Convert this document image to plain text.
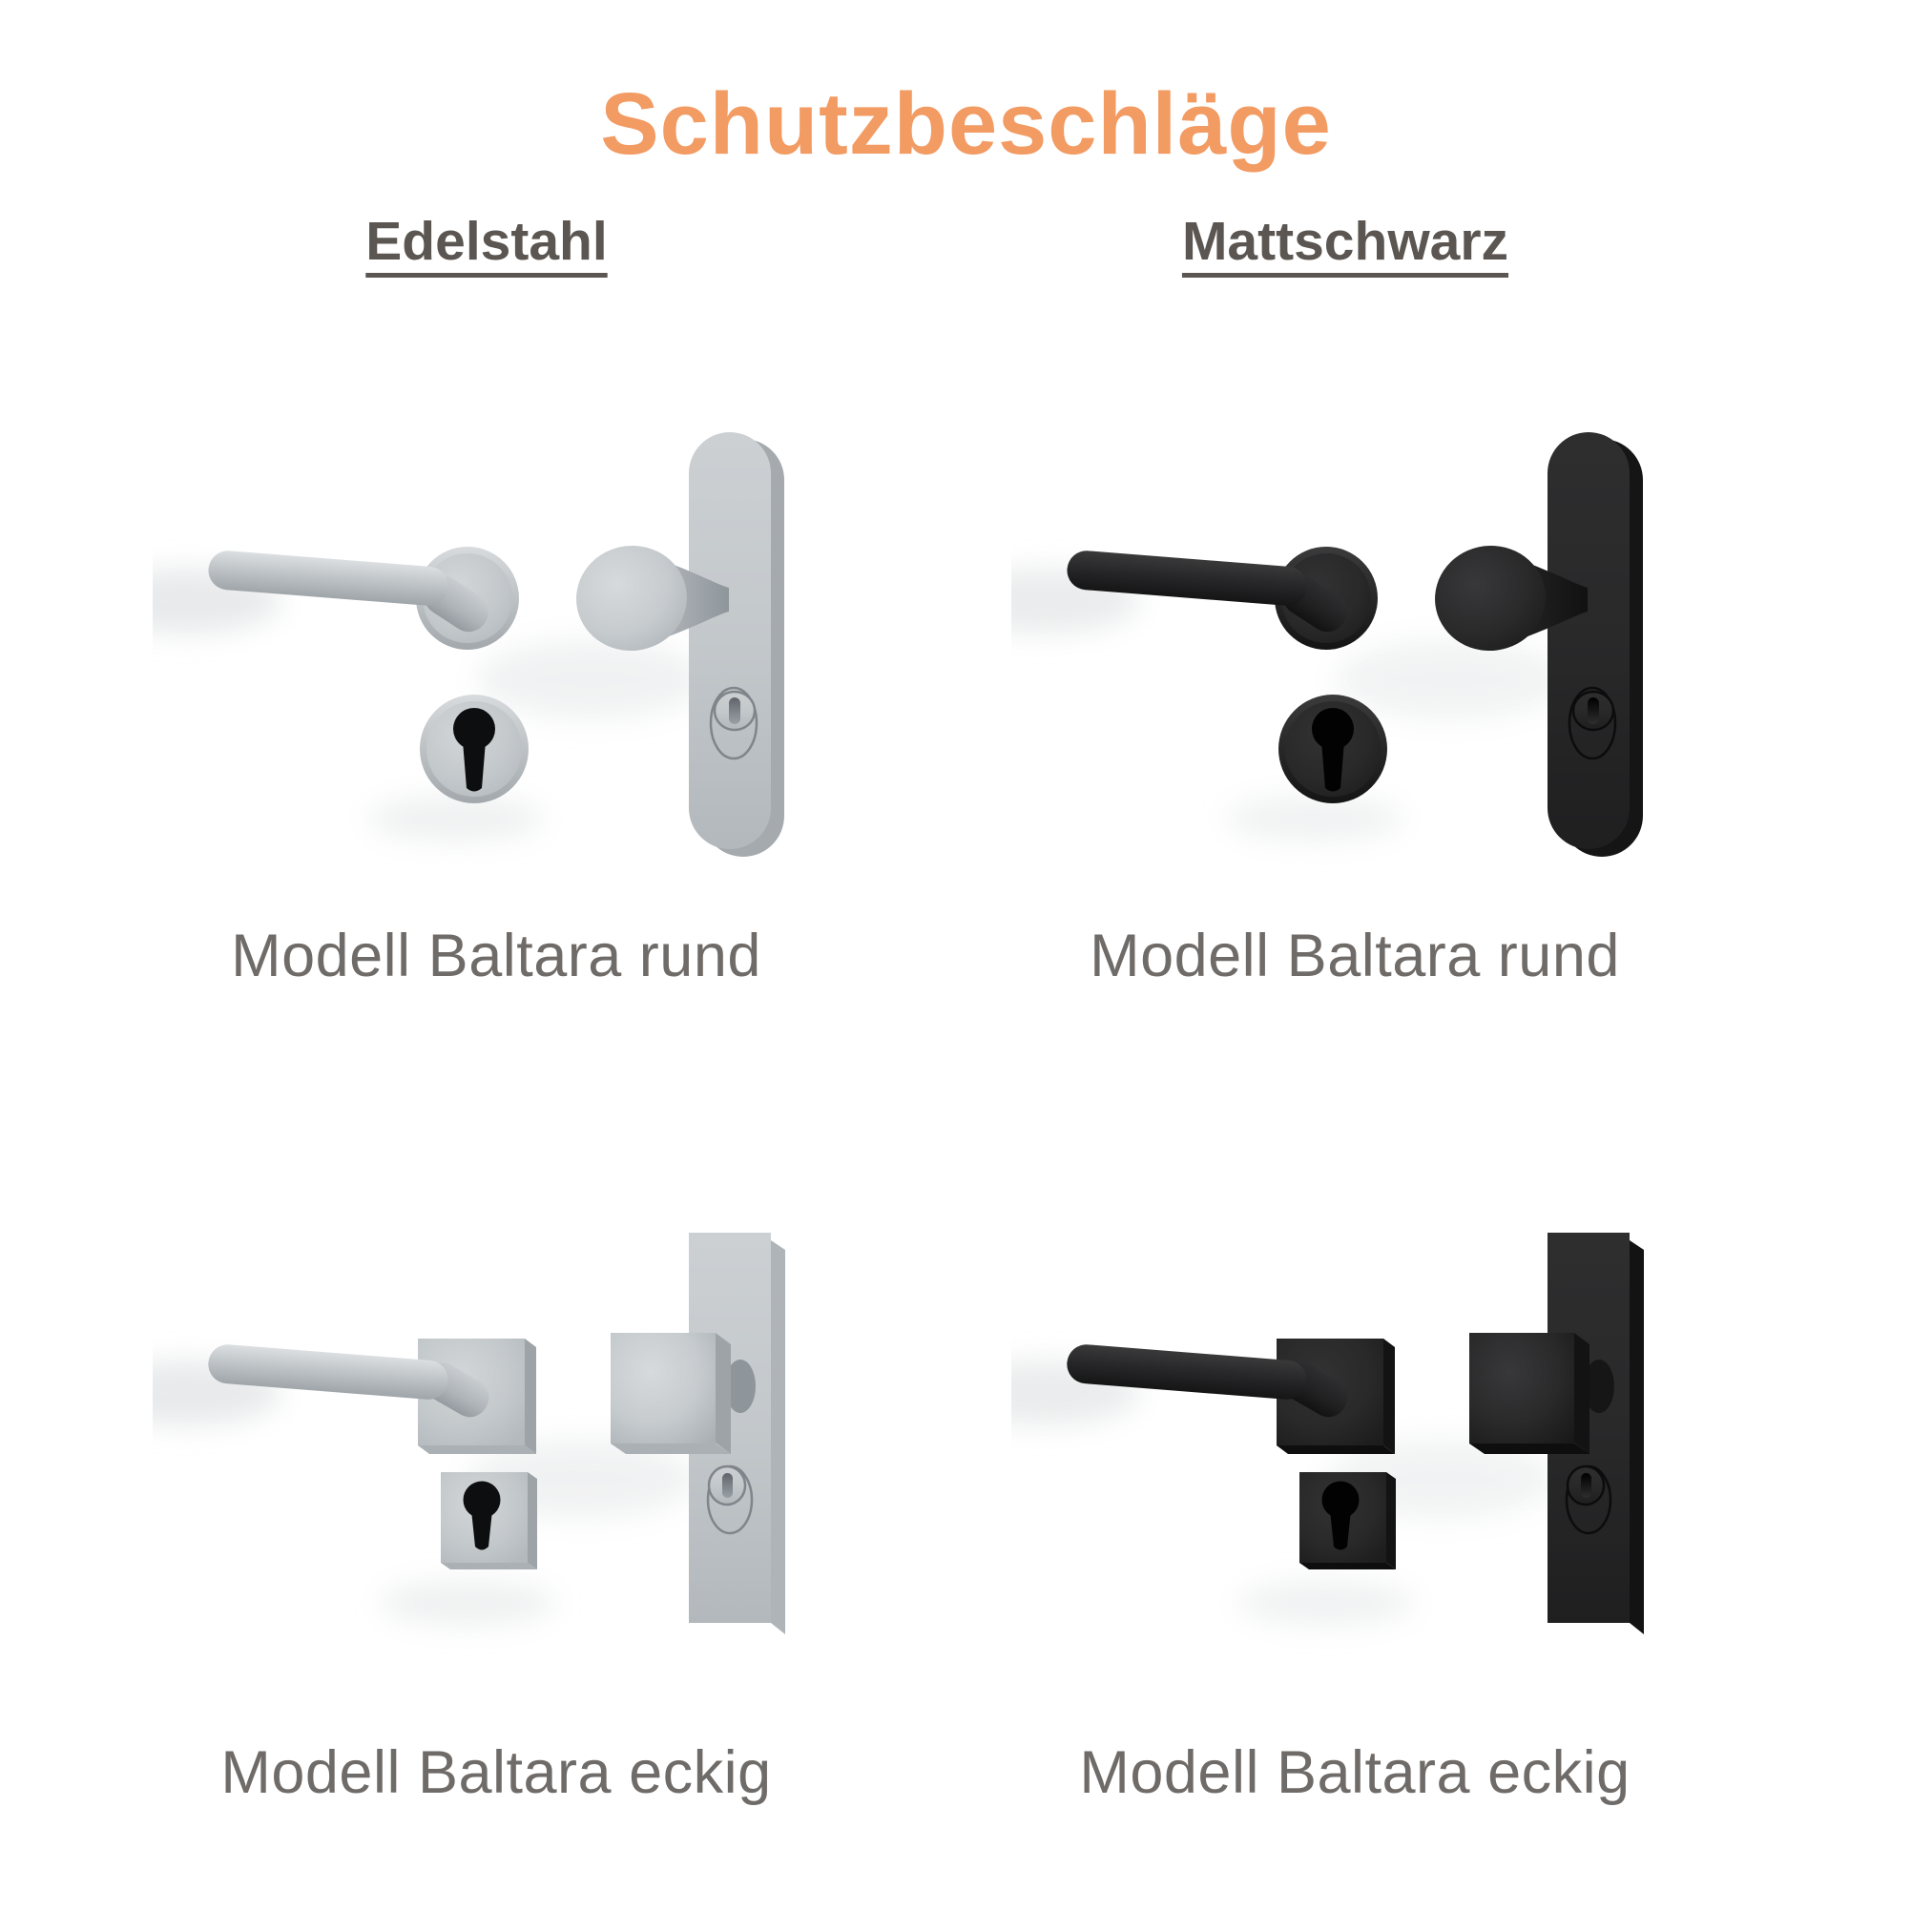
Schutzbeschläge
Edelstahl	Mattschwarz
Modell Baltara rund	Modell Baltara rund
Modell Baltara eckig	Modell Baltara eckig
